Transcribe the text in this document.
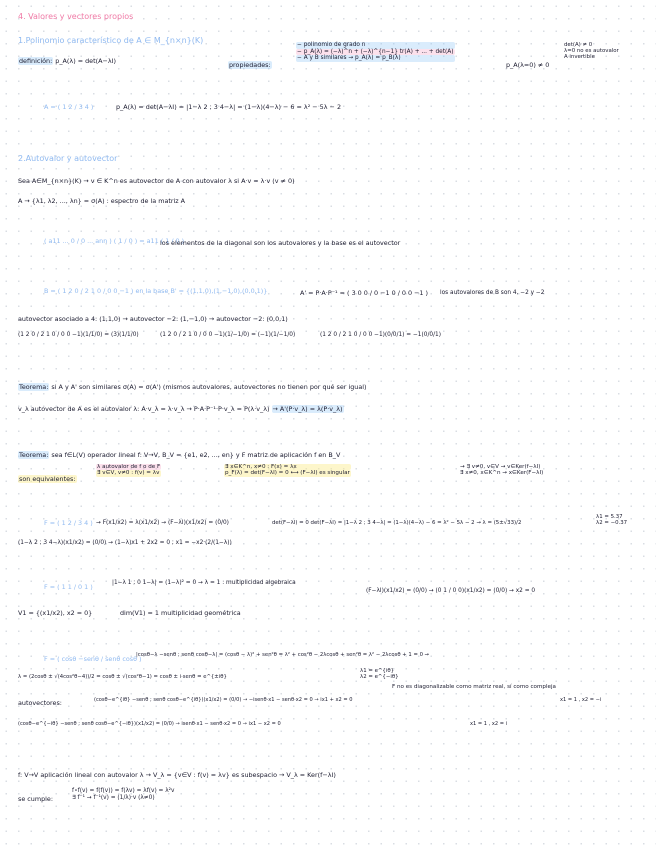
4. Valores y vectores propios
1.Polinomio característico de A ∈ M_{n×n}(K)
definición: p_A(λ) = det(A−λI)	propiedades:
− polinomio de grado n
− p_A(λ) = (−λ)^n + (−λ)^{n−1} tr(A) + ... + det(A)
− A y B similares → p_A(λ) = p_B(λ)
p_A(λ=0) ≠ 0
det(A) ≠ 0
λ=0 no es autovalor
A invertible
A = ( 1 2 / 3 4 )	p_A(λ) = det(A−λI) = |1−λ 2 ; 3 4−λ| = (1−λ)(4−λ) − 6 = λ² − 5λ − 2
2.Autovalor y autovector
Sea A∈M_{n×n}(K) → v ∈ K^n es autovector de A con autovalor λ si A·v = λ·v (v ≠ 0)
A → {λ1, λ2, ..., λn} = σ(A) : espectro de la matriz A
( a11 ... 0 / 0 ... ann ) ( 1 / 0 ) = a11 ( 1 / 0 )
los elementos de la diagonal son los autovalores y la base es el autovector
B = ( 1 2 0 / 2 1 0 / 0 0 −1 ) en la base B' = {(1,1,0),(1,−1,0),(0,0,1)}	A' = P·A·P⁻¹ = ( 3 0 0 / 0 −1 0 / 0 0 −1 ) los autovalores de B son 4, −2 y −2
autovector asociado a 4: (1,1,0) → autovector −2: (1,−1,0) → autovector −2: (0,0,1)
(1 2 0 / 2 1 0 / 0 0 −1)(1/1/0) = (3)(1/1/0)	(1 2 0 / 2 1 0 / 0 0 −1)(1/−1/0) = (−1)(1/−1/0)	(1 2 0 / 2 1 0 / 0 0 −1)(0/0/1) = −1(0/0/1)
Teorema: si A y A' son similares σ(A) = σ(A') (mismos autovalores, autovectores no tienen por qué ser igual)
v_λ autovector de A es el autovalor λ: A·v_λ = λ·v_λ → P·A·P⁻¹·P·v_λ = P(λ·v_λ) → A'(P·v_λ) = λ(P·v_λ)
Teorema: sea f∈L(V) operador lineal f: V→V, B_V = {e1, e2, ..., en} y F matriz de aplicación f en B_V
son equivalentes:
λ autovalor de f o de F
∃ v∈V, v≠0 : f(v) = λv
∃ x∈K^n, x≠0 : F(x) = λx
p_F(λ) = det(F−λI) = 0 ⟷ (F−λI) es singular
→ ∃ v≠0, v∈V → v∈Ker(f−λI)
∃ x≠0, x∈K^n → x∈Ker(F−λI)
F = ( 1 2 / 3 4 ) → F(x1/x2) = λ(x1/x2) → (F−λI)(x1/x2) = (0/0)	det(F−λI) = 0 det(F−λI) = |1−λ 2 ; 3 4−λ| = (1−λ)(4−λ) − 6 = λ² − 5λ − 2 → λ = (5±√33)/2
λ1 = 5.37
λ2 = −0.37
(1−λ 2 ; 3 4−λ)(x1/x2) = (0/0) → (1−λ)x1 + 2x2 = 0 ; x1 = −x2·(2/(1−λ))
F = ( 1 1 / 0 1 )	|1−λ 1 ; 0 1−λ| = (1−λ)² = 0 → λ = 1 : multiplicidad algebraica
(F−λI)(x1/x2) = (0/0) → (0 1 / 0 0)(x1/x2) = (0/0) → x2 = 0
V1 = {(x1/x2), x2 = 0}	dim(V1) = 1 multiplicidad geométrica
F = ( cosθ −senθ / senθ cosθ )
|cosθ−λ −senθ ; senθ cosθ−λ| = (cosθ − λ)² + sen²θ = λ² + cos²θ − 2λcosθ + sen²θ = λ² − 2λcosθ + 1 = 0 →
λ = (2cosθ ± √(4cos²θ−4))/2 = cosθ ± √(cos²θ−1) = cosθ ± i·senθ = e^{±iθ}
λ1 = e^{iθ}
λ2 = e^{−iθ}
F no es diagonalizable como matriz real, sí como compleja
autovectores:	(cosθ−e^{iθ} −senθ ; senθ cosθ−e^{iθ})(x1/x2) = (0/0) → −isenθ·x1 − senθ·x2 = 0 → ix1 + x2 = 0	x1 = 1 , x2 = −i
(cosθ−e^{−iθ} −senθ ; senθ cosθ−e^{−iθ})(x1/x2) = (0/0) → isenθ·x1 − senθ·x2 = 0 → ix1 − x2 = 0	x1 = 1 , x2 = i
f: V→V aplicación lineal con autovalor λ → V_λ = {v∈V : f(v) = λv} es subespacio → V_λ = Ker(f−λI)
se cumple:
f∘f(v) = f(f(v)) = f(λv) = λf(v) = λ²v
∃ f⁻¹ → f⁻¹(v) = (1/λ)·v (λ≠0)
